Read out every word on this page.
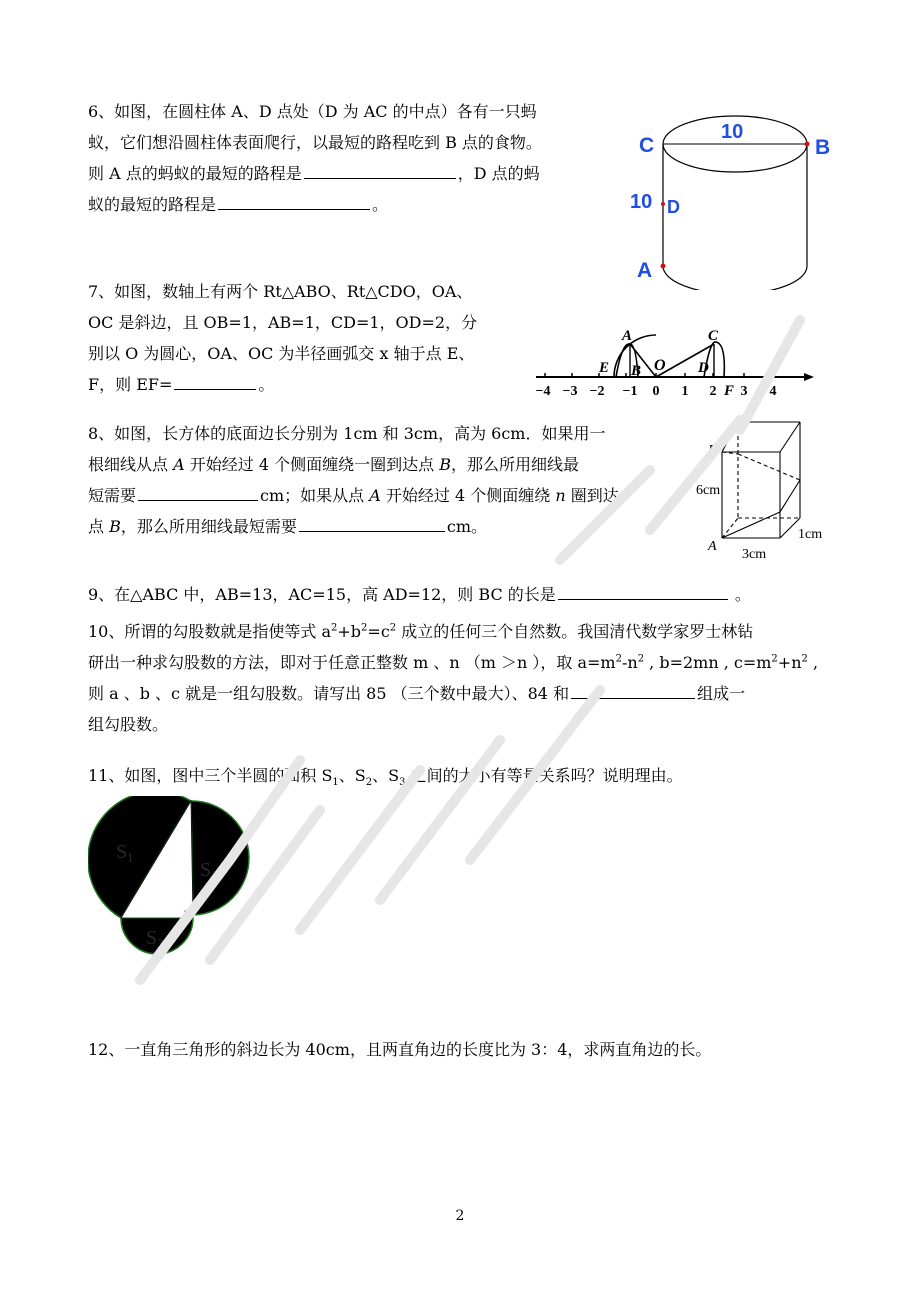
6、如图，在圆柱体 A、D 点处（D 为 AC 的中点）各有一只蚂
蚁，它们想沿圆柱体表面爬行，以最短的路程吃到 B 点的食物。
则 A 点的蚂蚁的最短的路程是	，D 点的蚂
蚁的最短的路程是	。
C	B
10
10 D
A
7、如图，数轴上有两个 Rt△ABO、Rt△CDO，OA、
OC 是斜边，且 OB=1，AB=1，CD=1，OD=2，分
别以 O 为圆心，OA、OC 为半径画弧交 x 轴于点 E、
F，则 EF=	。
A	C
E B O D
F
−4 −3 −2 −1 0 1 2 3 4
8、如图，长方体的底面边长分别为 1cm 和 3cm，高为 6cm．如果用一
根细线从点 A 开始经过 4 个侧面缠绕一圈到达点 B，那么所用细线最
短需要	cm；如果从点 A 开始经过 4 个侧面缠绕 n 圈到达
点 B，那么所用细线最短需要	cm。
B
A
6cm
3cm
1cm
9、在△ABC 中，AB=13，AC=15，高 AD=12，则 BC 的长是	。
10、所谓的勾股数就是指使等式 $a^2+b^2=c^2$ 成立的任何三个自然数。我国清代数学家罗士林钻
研出一种求勾股数的方法，即对于任意正整数 m 、n （m ＞n ），取 $a=m^2-n^2$ , b=2mn , $c=m^2+n^2$ ,
则 a 、b 、c 就是一组勾股数。请写出 85 （三个数中最大）、84 和	组成一
组勾股数。
11、如图，图中三个半圆的面积 $S_1$、$S_2$、$S_3$ 之间的大小有等量关系吗？说明理由。
$S_1$
$S_2$
$S_3$
12、一直角三角形的斜边长为 40cm，且两直角边的长度比为 3：4，求两直角边的长。
2
